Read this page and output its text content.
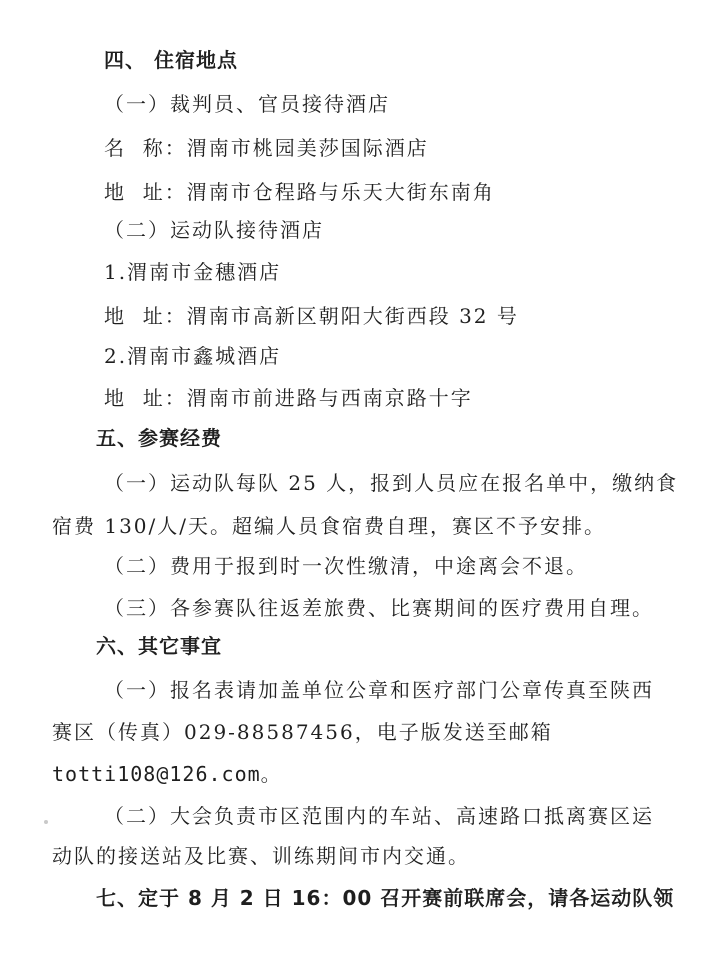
四、 住宿地点
（一）裁判员、官员接待酒店
名  称：渭南市桃园美莎国际酒店
地  址：渭南市仓程路与乐天大街东南角
（二）运动队接待酒店
1.渭南市金穗酒店
地  址：渭南市高新区朝阳大街西段 32 号
2.渭南市鑫城酒店
地  址：渭南市前进路与西南京路十字
五、参赛经费
（一）运动队每队 25 人，报到人员应在报名单中，缴纳食
宿费 130/人/天。超编人员食宿费自理，赛区不予安排。
（二）费用于报到时一次性缴清，中途离会不退。
（三）各参赛队往返差旅费、比赛期间的医疗费用自理。
六、其它事宜
（一）报名表请加盖单位公章和医疗部门公章传真至陕西
赛区（传真）029-88587456，电子版发送至邮箱
totti108@126.com。
（二）大会负责市区范围内的车站、高速路口抵离赛区运
动队的接送站及比赛、训练期间市内交通。
七、定于 8 月 2 日 16：00 召开赛前联席会，请各运动队领
